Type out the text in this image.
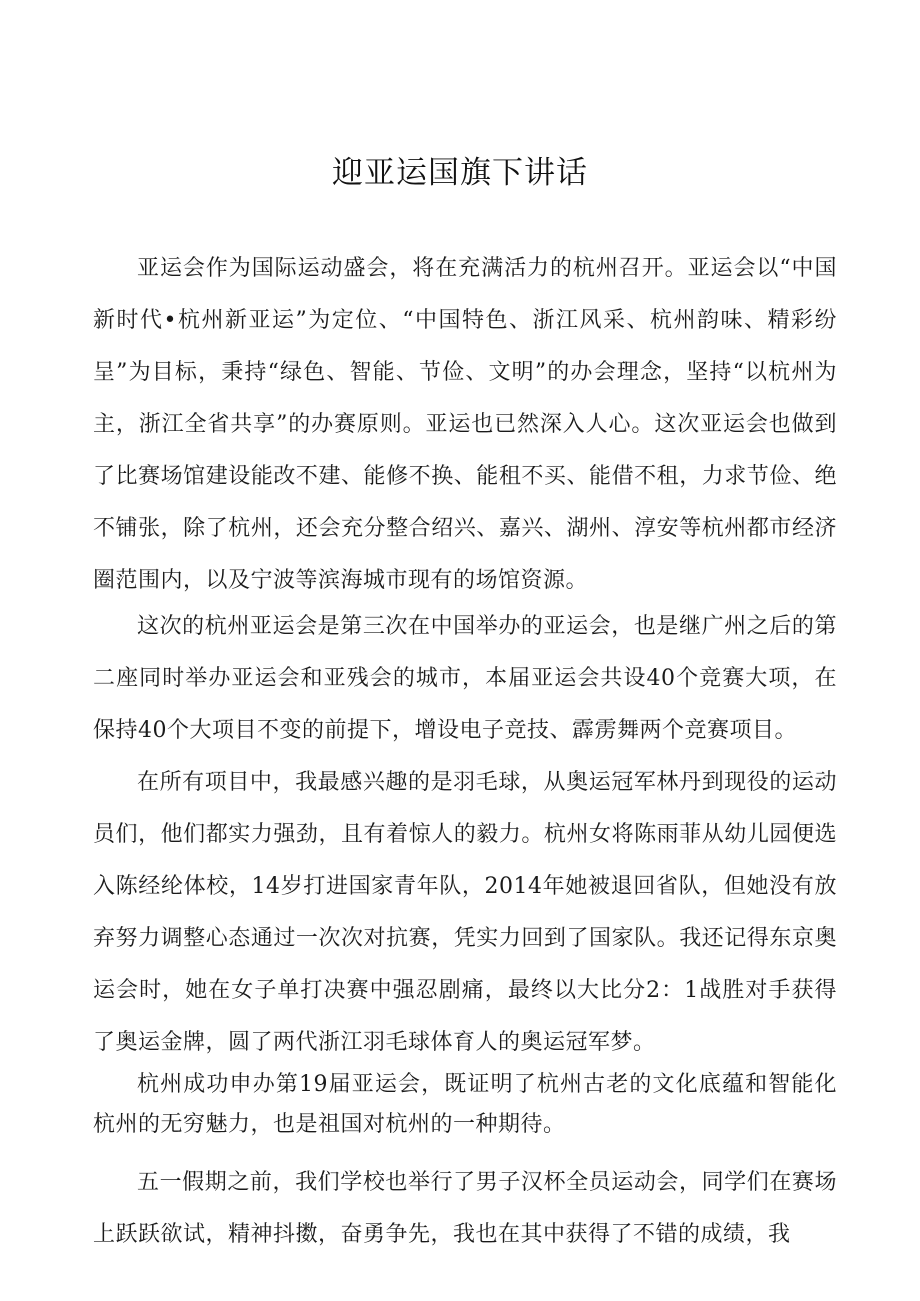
迎亚运国旗下讲话

亚运会作为国际运动盛会，将在充满活力的杭州召开。亚运会以“中国新时代•杭州新亚运”为定位、“中国特色、浙江风采、杭州韵味、精彩纷呈”为目标，秉持“绿色、智能、节俭、文明”的办会理念，坚持“以杭州为主，浙江全省共享”的办赛原则。亚运也已然深入人心。这次亚运会也做到了比赛场馆建设能改不建、能修不换、能租不买、能借不租，力求节俭、绝不铺张，除了杭州，还会充分整合绍兴、嘉兴、湖州、淳安等杭州都市经济圈范围内，以及宁波等滨海城市现有的场馆资源。

这次的杭州亚运会是第三次在中国举办的亚运会，也是继广州之后的第二座同时举办亚运会和亚残会的城市，本届亚运会共设40个竞赛大项，在保持40个大项目不变的前提下，增设电子竞技、霹雳舞两个竞赛项目。

在所有项目中，我最感兴趣的是羽毛球，从奥运冠军林丹到现役的运动员们，他们都实力强劲，且有着惊人的毅力。杭州女将陈雨菲从幼儿园便选入陈经纶体校，14岁打进国家青年队，2014年她被退回省队，但她没有放弃努力调整心态通过一次次对抗赛，凭实力回到了国家队。我还记得东京奥运会时，她在女子单打决赛中强忍剧痛，最终以大比分2：1战胜对手获得了奥运金牌，圆了两代浙江羽毛球体育人的奥运冠军梦。

杭州成功申办第19届亚运会，既证明了杭州古老的文化底蕴和智能化杭州的无穷魅力，也是祖国对杭州的一种期待。

五一假期之前，我们学校也举行了男子汉杯全员运动会，同学们在赛场上跃跃欲试，精神抖擞，奋勇争先，我也在其中获得了不错的成绩，我
